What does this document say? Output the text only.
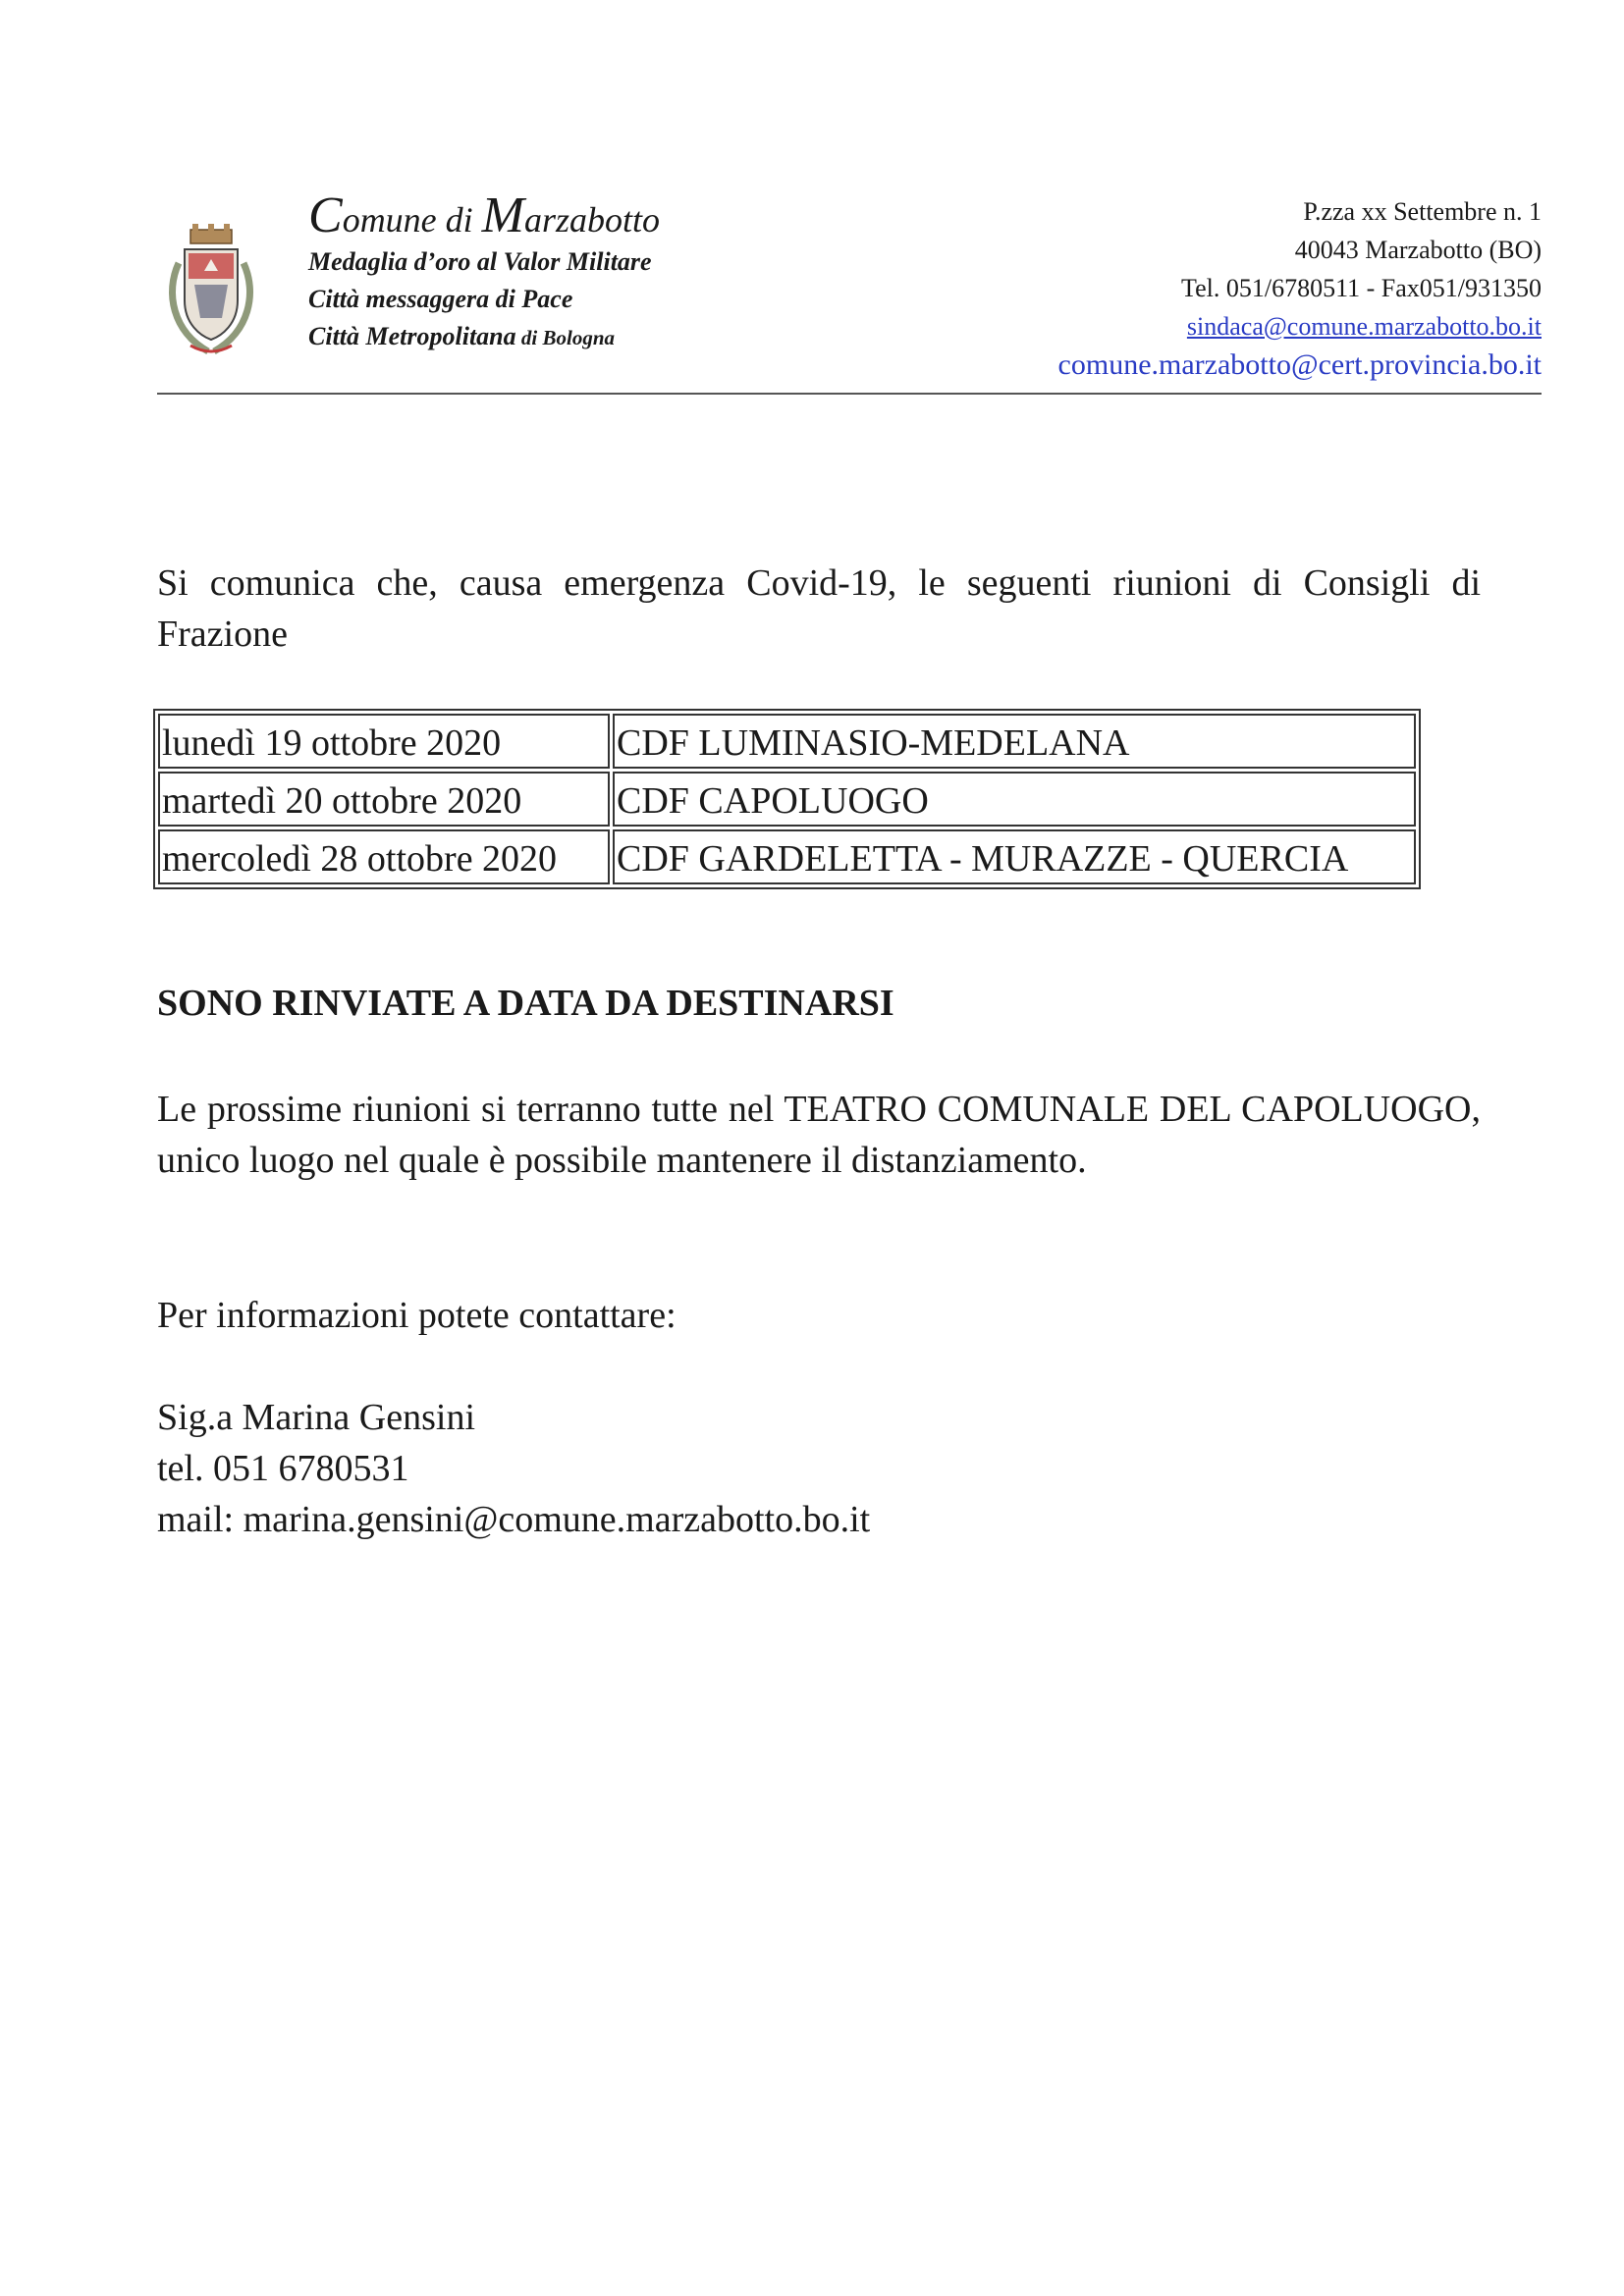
Comune di Marzabotto
Medaglia d’oro al Valor Militare
Città messaggera di Pace
Città Metropolitana di Bologna
P.zza xx Settembre n. 1
40043 Marzabotto (BO)
Tel. 051/6780511 - Fax051/931350
sindaca@comune.marzabotto.bo.it
comune.marzabotto@cert.provincia.bo.it
Si comunica che, causa emergenza Covid-19, le seguenti riunioni di Consigli di Frazione
lunedì 19 ottobre 2020	CDF LUMINASIO-MEDELANA
martedì 20 ottobre 2020	CDF CAPOLUOGO
mercoledì 28 ottobre 2020	CDF GARDELETTA - MURAZZE - QUERCIA
SONO RINVIATE A DATA DA DESTINARSI
Le prossime riunioni si terranno tutte nel TEATRO COMUNALE DEL CAPOLUOGO, unico luogo nel quale è possibile mantenere il distanziamento.
Per informazioni potete contattare:
Sig.a Marina Gensini
tel. 051 6780531
mail: marina.gensini@comune.marzabotto.bo.it
